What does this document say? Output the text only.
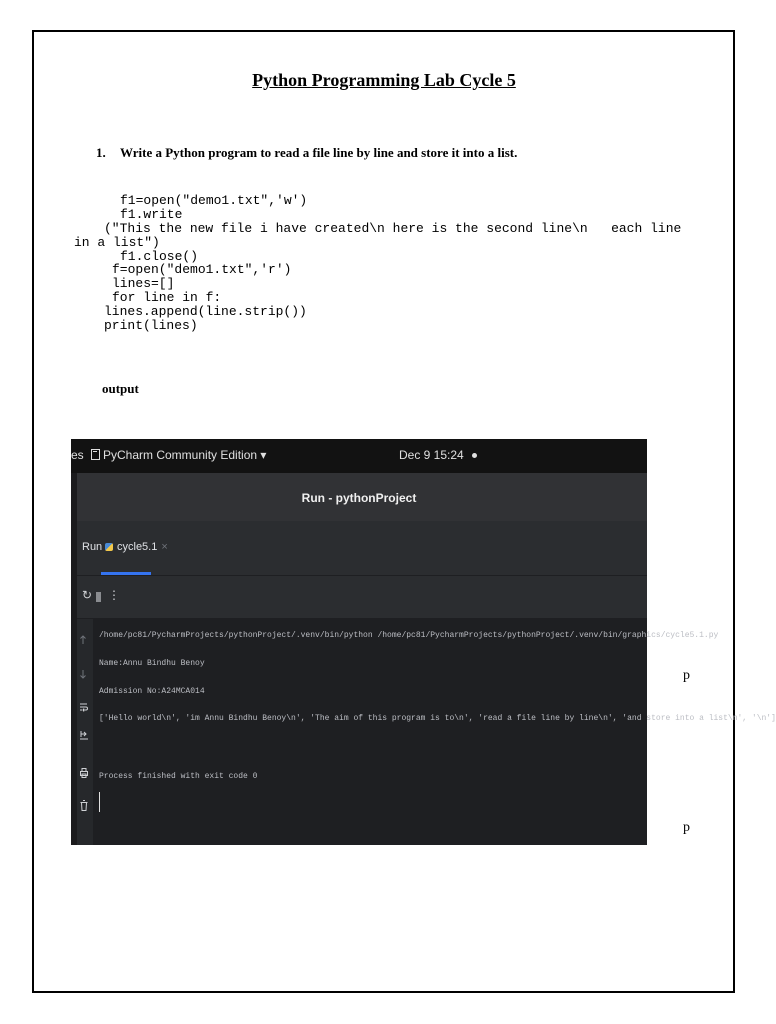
Python Programming Lab Cycle 5
1. Write a Python program to read a file line by line and store it into a list.
f1=open("demo1.txt",'w')
f1.write
("This the new file i have created\n here is the second line\n   each line
in a list")
f1.close()
f=open("demo1.txt",'r')
lines=[]
for line in f:
lines.append(line.strip())
print(lines)
output
p
p
es PyCharm Community Edition ▾	Dec 9 15:24
Run - pythonProject
Run	cycle5.1 ×
↻ ⋮
/home/pc81/PycharmProjects/pythonProject/.venv/bin/python /home/pc81/PycharmProjects/pythonProject/.venv/bin/graphics/cycle5.1.py
Name:Annu Bindhu Benoy
Admission No:A24MCA014
['Hello world\n', 'im Annu Bindhu Benoy\n', 'The aim of this program is to\n', 'read a file line by line\n', 'and store into a list\n', '\n']
Process finished with exit code 0
